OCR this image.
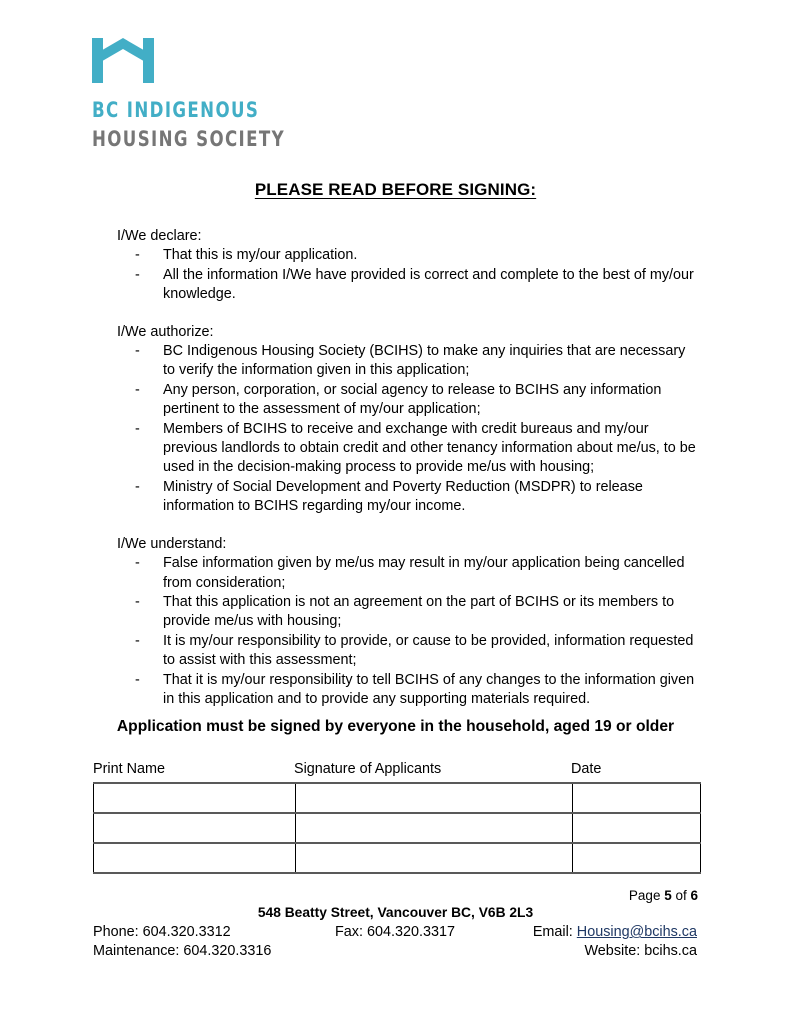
BC INDIGENOUS
HOUSING SOCIETY
PLEASE READ BEFORE SIGNING:

I/We declare:

- That this is my/our application.
- All the information I/We have provided is correct and complete to the best of my/our knowledge.

I/We authorize:

- BC Indigenous Housing Society (BCIHS) to make any inquiries that are necessary to verify the information given in this application;
- Any person, corporation, or social agency to release to BCIHS any information pertinent to the assessment of my/our application;
- Members of BCIHS to receive and exchange with credit bureaus and my/our previous landlords to obtain credit and other tenancy information about me/us, to be used in the decision-making process to provide me/us with housing;
- Ministry of Social Development and Poverty Reduction (MSDPR) to release information to BCIHS regarding my/our income.

I/We understand:

- False information given by me/us may result in my/our application being cancelled from consideration;
- That this application is not an agreement on the part of BCIHS or its members to provide me/us with housing;
- It is my/our responsibility to provide, or cause to be provided, information requested to assist with this assessment;
- That it is my/our responsibility to tell BCIHS of any changes to the information given in this application and to provide any supporting materials required.
Application must be signed by everyone in the household, aged 19 or older
Print Name	Signature of Applicants	Date

Page 5 of 6
548 Beatty Street, Vancouver BC, V6B 2L3
Phone: 604.320.3312	Fax: 604.320.3317	Email: Housing@bcihs.ca
Maintenance: 604.320.3316	Website: bcihs.ca
